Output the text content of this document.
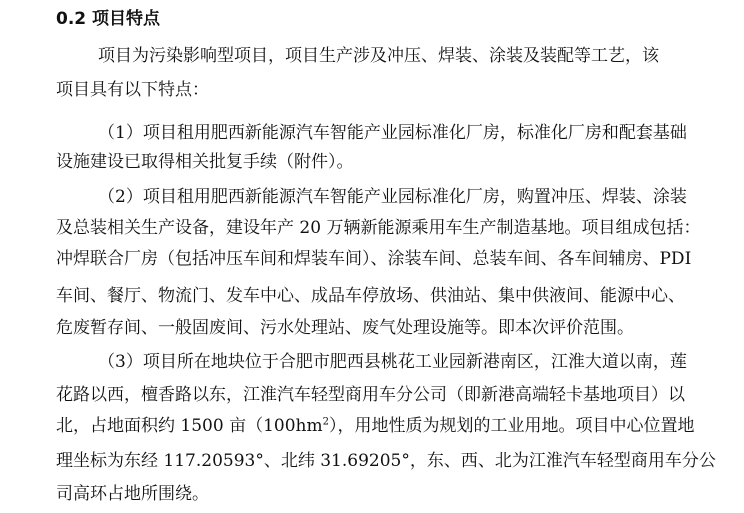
0.2 项目特点
项目为污染影响型项目，项目生产涉及冲压、焊装、涂装及装配等工艺，该
项目具有以下特点：
（1）项目租用肥西新能源汽车智能产业园标准化厂房，标准化厂房和配套基础
设施建设已取得相关批复手续（附件）。
（2）项目租用肥西新能源汽车智能产业园标准化厂房，购置冲压、焊装、涂装
及总装相关生产设备，建设年产 20 万辆新能源乘用车生产制造基地。项目组成包括：
冲焊联合厂房（包括冲压车间和焊装车间）、涂装车间、总装车间、各车间辅房、PDI
车间、餐厅、物流门、发车中心、成品车停放场、供油站、集中供液间、能源中心、
危废暂存间、一般固废间、污水处理站、废气处理设施等。即本次评价范围。
（3）项目所在地块位于合肥市肥西县桃花工业园新港南区，江淮大道以南，莲
花路以西，檀香路以东，江淮汽车轻型商用车分公司（即新港高端轻卡基地项目）以
北，占地面积约 1500 亩$(100hm^2)$，用地性质为规划的工业用地。项目中心位置地
理坐标为东经 117.20593°、北纬 31.69205°，东、西、北为江淮汽车轻型商用车分公
司高环占地所围绕。
